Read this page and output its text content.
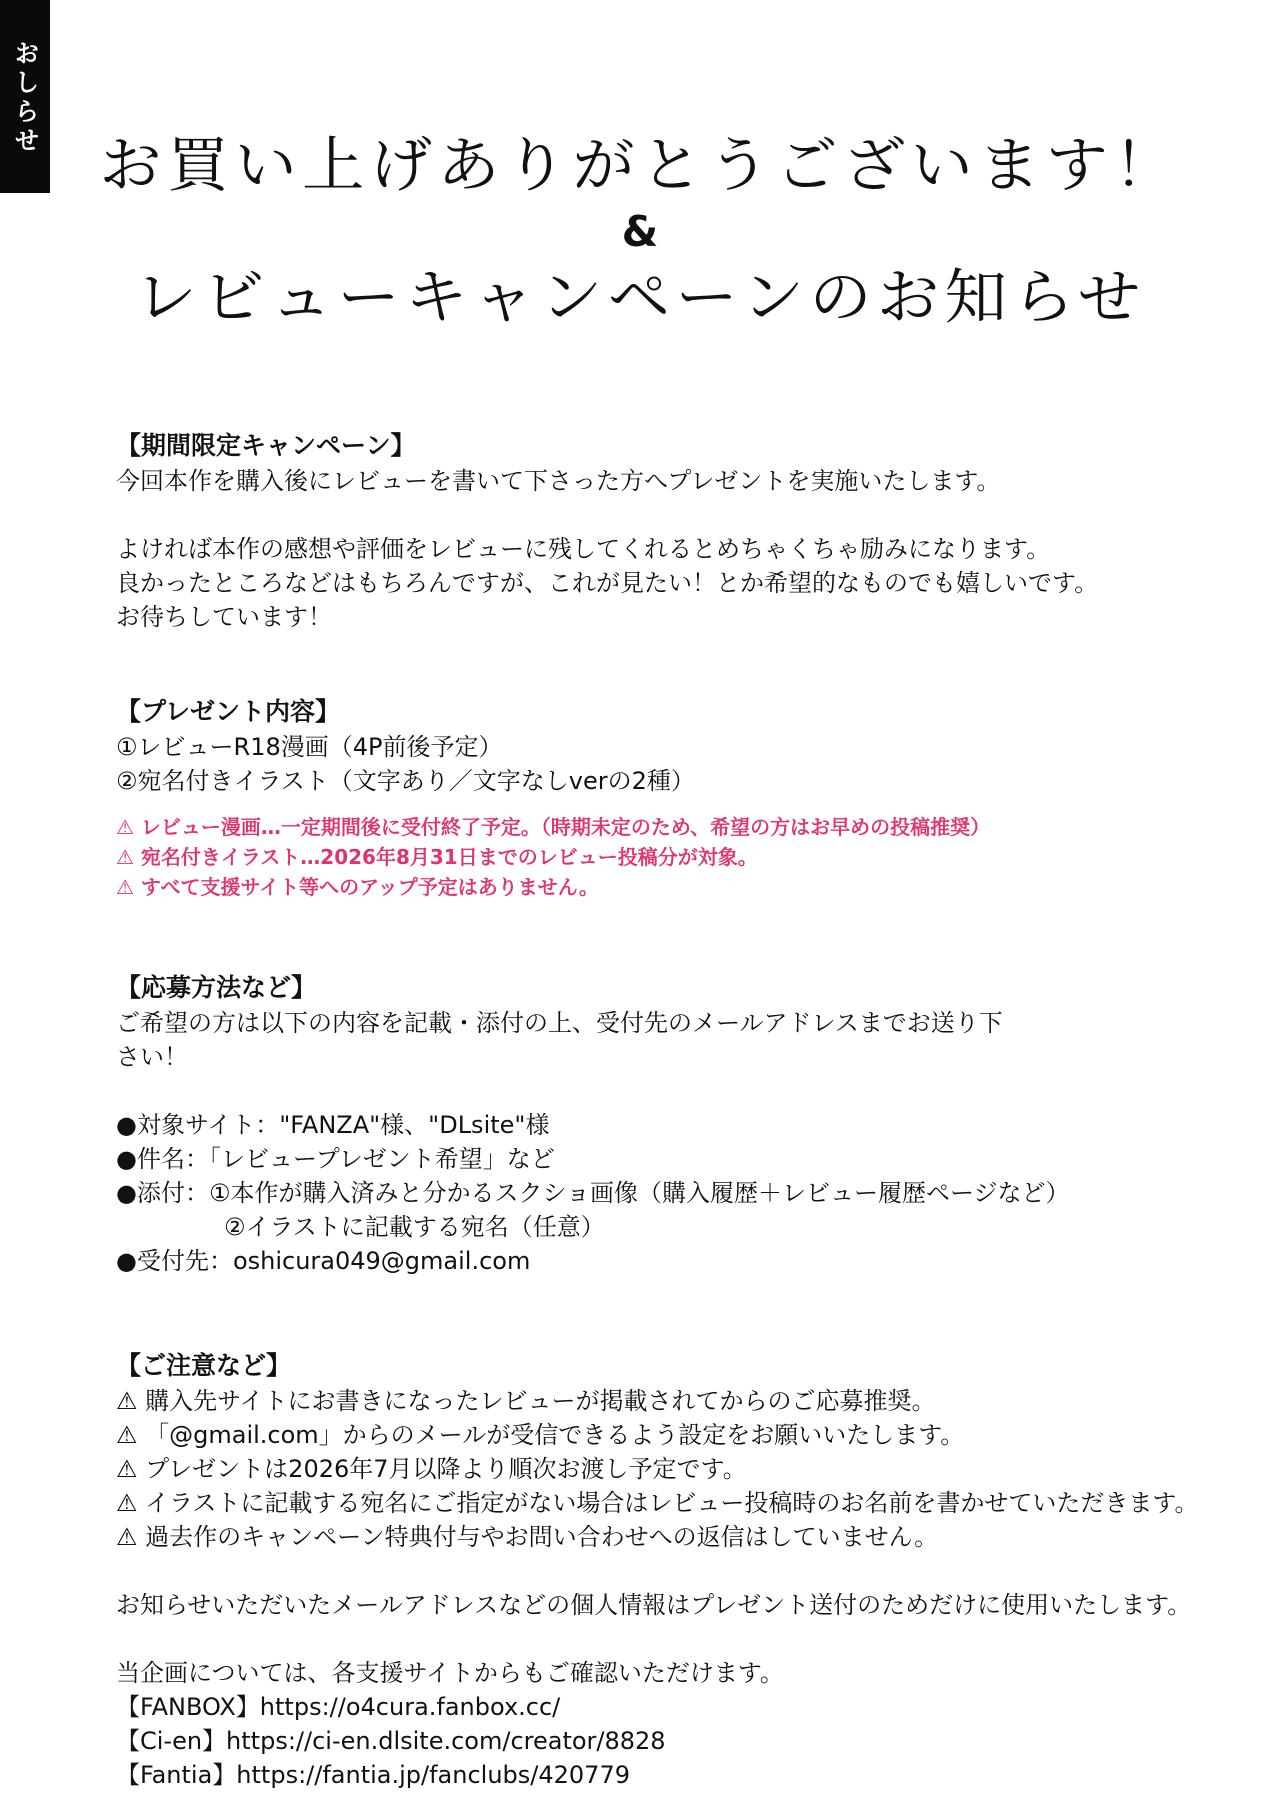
おしらせ
お買い上げありがとうございます！
&
レビューキャンペーンのお知らせ
【期間限定キャンペーン】
今回本作を購入後にレビューを書いて下さった方へプレゼントを実施いたします。
よければ本作の感想や評価をレビューに残してくれるとめちゃくちゃ励みになります。
良かったところなどはもちろんですが、これが見たい！とか希望的なものでも嬉しいです。
お待ちしています！
【プレゼント内容】
①レビューR18漫画（4P前後予定）
②宛名付きイラスト（文字あり／文字なしverの2種）
⚠ レビュー漫画…一定期間後に受付終了予定。（時期未定のため、希望の方はお早めの投稿推奨）
⚠ 宛名付きイラスト…2026年8月31日までのレビュー投稿分が対象。
⚠ すべて支援サイト等へのアップ予定はありません。
【応募方法など】
ご希望の方は以下の内容を記載・添付の上、受付先のメールアドレスまでお送り下
さい！
●対象サイト："FANZA"様、"DLsite"様
●件名：「レビュープレゼント希望」など
●添付：①本作が購入済みと分かるスクショ画像（購入履歴＋レビュー履歴ページなど）
②イラストに記載する宛名（任意）
●受付先：oshicura049@gmail.com
【ご注意など】
⚠ 購入先サイトにお書きになったレビューが掲載されてからのご応募推奨。
⚠ 「@gmail.com」からのメールが受信できるよう設定をお願いいたします。
⚠ プレゼントは2026年7月以降より順次お渡し予定です。
⚠ イラストに記載する宛名にご指定がない場合はレビュー投稿時のお名前を書かせていただきます。
⚠ 過去作のキャンペーン特典付与やお問い合わせへの返信はしていません。
お知らせいただいたメールアドレスなどの個人情報はプレゼント送付のためだけに使用いたします。
当企画については、各支援サイトからもご確認いただけます。
【FANBOX】https://o4cura.fanbox.cc/
【Ci-en】https://ci-en.dlsite.com/creator/8828
【Fantia】https://fantia.jp/fanclubs/420779
